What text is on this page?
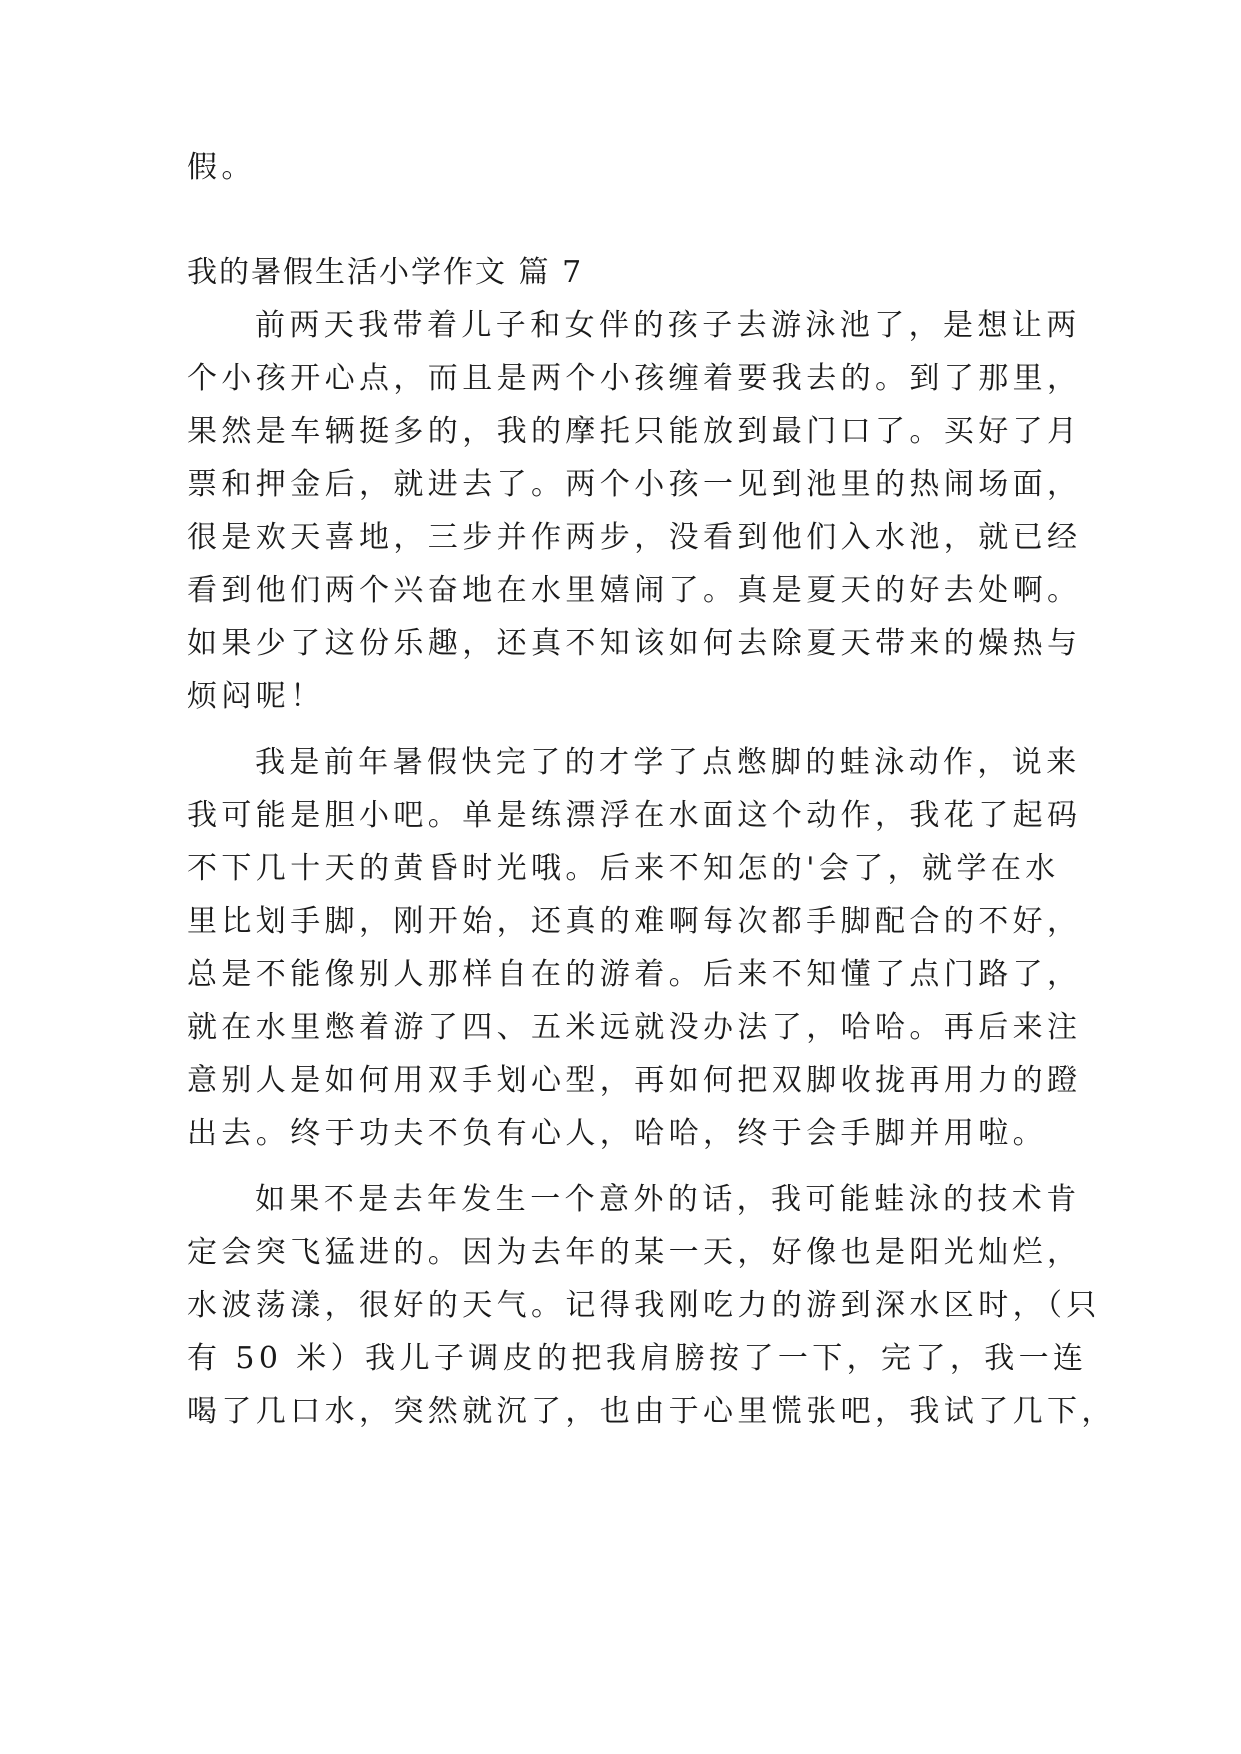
假。

我的暑假生活小学作文 篇 7

前两天我带着儿子和女伴的孩子去游泳池了，是想让两

个小孩开心点，而且是两个小孩缠着要我去的。到了那里，

果然是车辆挺多的，我的摩托只能放到最门口了。买好了月

票和押金后，就进去了。两个小孩一见到池里的热闹场面，

很是欢天喜地，三步并作两步，没看到他们入水池，就已经

看到他们两个兴奋地在水里嬉闹了。真是夏天的好去处啊。

如果少了这份乐趣，还真不知该如何去除夏天带来的燥热与

烦闷呢！

我是前年暑假快完了的才学了点憋脚的蛙泳动作，说来

我可能是胆小吧。单是练漂浮在水面这个动作，我花了起码

不下几十天的黄昏时光哦。后来不知怎的'会了，就学在水

里比划手脚，刚开始，还真的难啊每次都手脚配合的不好，

总是不能像别人那样自在的游着。后来不知懂了点门路了，

就在水里憋着游了四、五米远就没办法了，哈哈。再后来注

意别人是如何用双手划心型，再如何把双脚收拢再用力的蹬

出去。终于功夫不负有心人，哈哈，终于会手脚并用啦。

如果不是去年发生一个意外的话，我可能蛙泳的技术肯

定会突飞猛进的。因为去年的某一天，好像也是阳光灿烂，

水波荡漾，很好的天气。记得我刚吃力的游到深水区时，（只

有 50 米）我儿子调皮的把我肩膀按了一下，完了，我一连

喝了几口水，突然就沉了，也由于心里慌张吧，我试了几下，
